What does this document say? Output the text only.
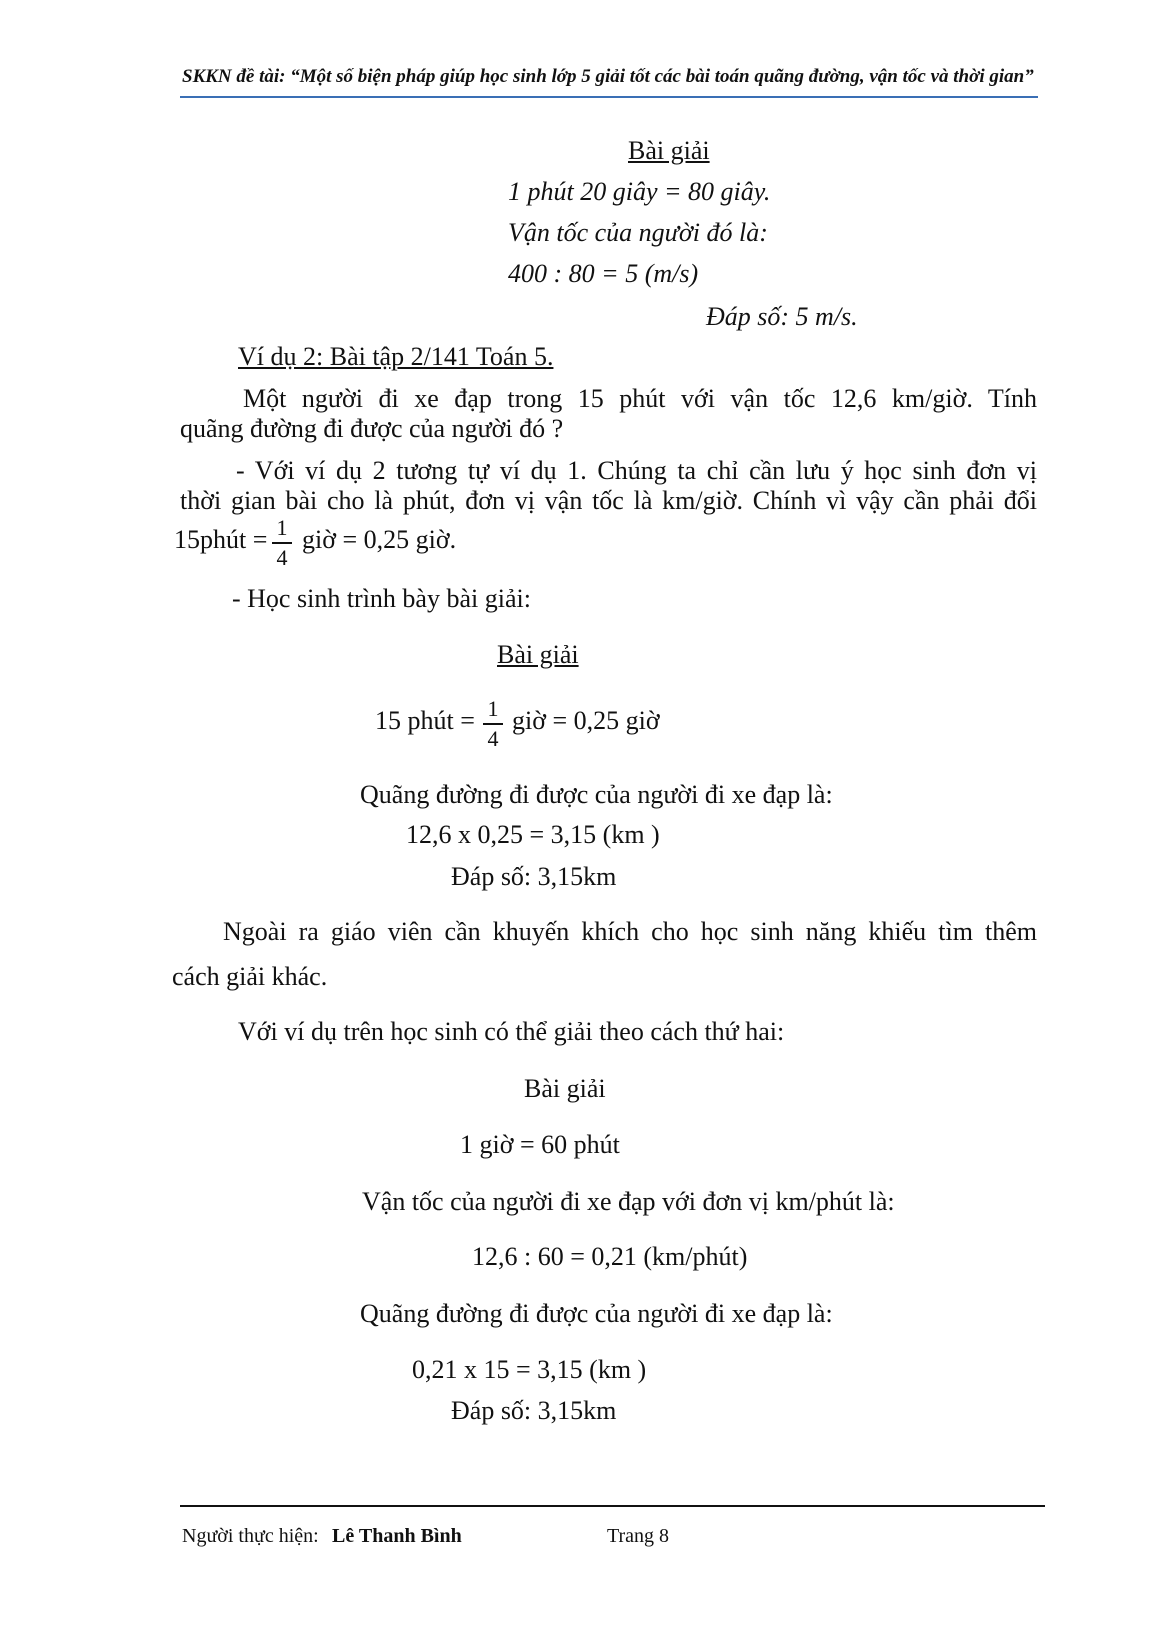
SKKN đề tài: “Một số biện pháp giúp học sinh lớp 5 giải tốt các bài toán quãng đường, vận tốc và thời gian”
Bài giải
1 phút 20 giây = 80 giây.
Vận tốc của người đó là:
400 : 80 = 5 (m/s)
Đáp số: 5 m/s.
Ví dụ 2: Bài tập 2/141 Toán 5.
Một người đi xe đạp trong 15 phút với vận tốc 12,6 km/giờ. Tính
quãng đường đi được của người đó ?
- Với ví dụ 2 tương tự ví dụ 1. Chúng ta chỉ cần lưu ý học sinh đơn vị
thời gian bài cho là phút, đơn vị vận tốc là km/giờ. Chính vì vậy cần phải đổi
15phút = 1
4
giờ = 0,25 giờ.
- Học sinh trình bày bài giải:
Bài giải
15 phút = 1
4
giờ = 0,25 giờ
Quãng đường đi được của người đi xe đạp là:
12,6 x 0,25 = 3,15 (km )
Đáp số: 3,15km
Ngoài ra giáo viên cần khuyến khích cho học sinh năng khiếu tìm thêm
cách giải khác.
Với ví dụ trên học sinh có thể giải theo cách thứ hai:
Bài giải
1 giờ = 60 phút
Vận tốc của người đi xe đạp với đơn vị km/phút là:
12,6 : 60 = 0,21 (km/phút)
Quãng đường đi được của người đi xe đạp là:
0,21 x 15 = 3,15 (km )
Đáp số: 3,15km
Người thực hiện: Lê Thanh Bình	Trang 8
